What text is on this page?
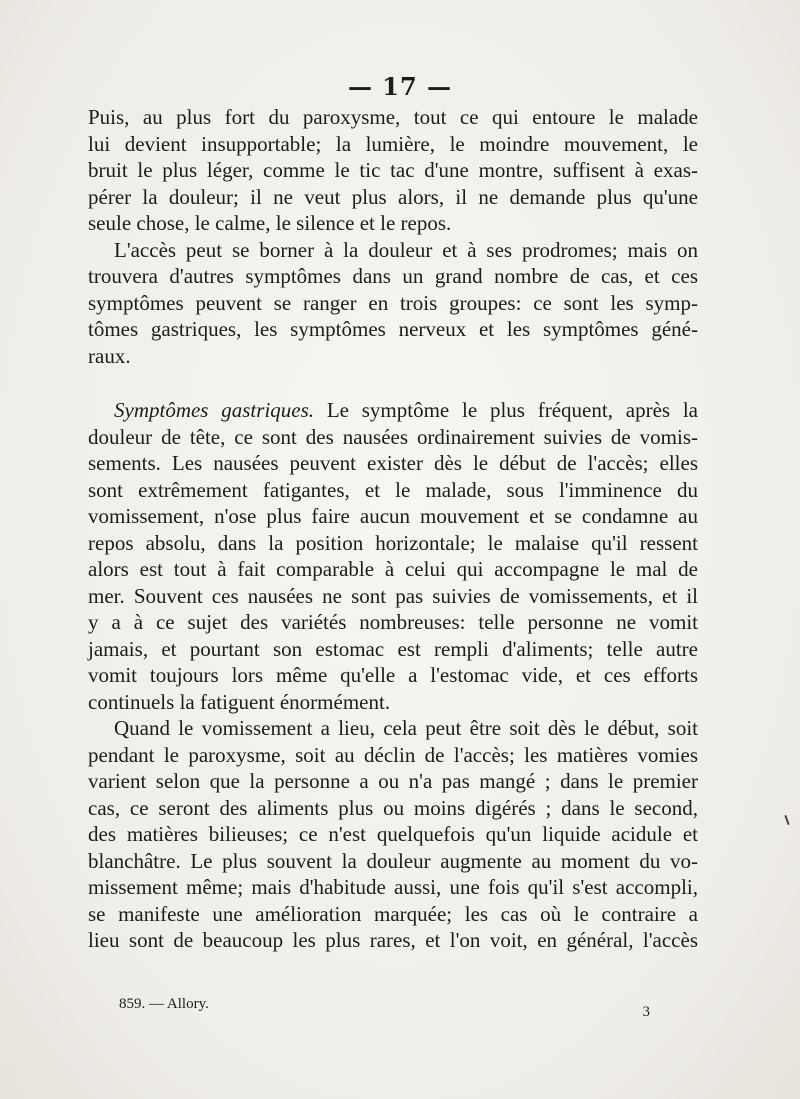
— 17 —
Puis, au plus fort du paroxysme, tout ce qui entoure le malade
lui devient insupportable; la lumière, le moindre mouvement, le
bruit le plus léger, comme le tic tac d'une montre, suffisent à exas-
pérer la douleur; il ne veut plus alors, il ne demande plus qu'une
seule chose, le calme, le silence et le repos.
L'accès peut se borner à la douleur et à ses prodromes; mais on
trouvera d'autres symptômes dans un grand nombre de cas, et ces
symptômes peuvent se ranger en trois groupes: ce sont les symp-
tômes gastriques, les symptômes nerveux et les symptômes géné-
raux.
Symptômes gastriques. Le symptôme le plus fréquent, après la
douleur de tête, ce sont des nausées ordinairement suivies de vomis-
sements. Les nausées peuvent exister dès le début de l'accès; elles
sont extrêmement fatigantes, et le malade, sous l'imminence du
vomissement, n'ose plus faire aucun mouvement et se condamne au
repos absolu, dans la position horizontale; le malaise qu'il ressent
alors est tout à fait comparable à celui qui accompagne le mal de
mer. Souvent ces nausées ne sont pas suivies de vomissements, et il
y a à ce sujet des variétés nombreuses: telle personne ne vomit
jamais, et pourtant son estomac est rempli d'aliments; telle autre
vomit toujours lors même qu'elle a l'estomac vide, et ces efforts
continuels la fatiguent énormément.
Quand le vomissement a lieu, cela peut être soit dès le début, soit
pendant le paroxysme, soit au déclin de l'accès; les matières vomies
varient selon que la personne a ou n'a pas mangé ; dans le premier
cas, ce seront des aliments plus ou moins digérés ; dans le second,
des matières bilieuses; ce n'est quelquefois qu'un liquide acidule et
blanchâtre. Le plus souvent la douleur augmente au moment du vo-
missement même; mais d'habitude aussi, une fois qu'il s'est accompli,
se manifeste une amélioration marquée; les cas où le contraire a
lieu sont de beaucoup les plus rares, et l'on voit, en général, l'accès
859. — Allory.	3
